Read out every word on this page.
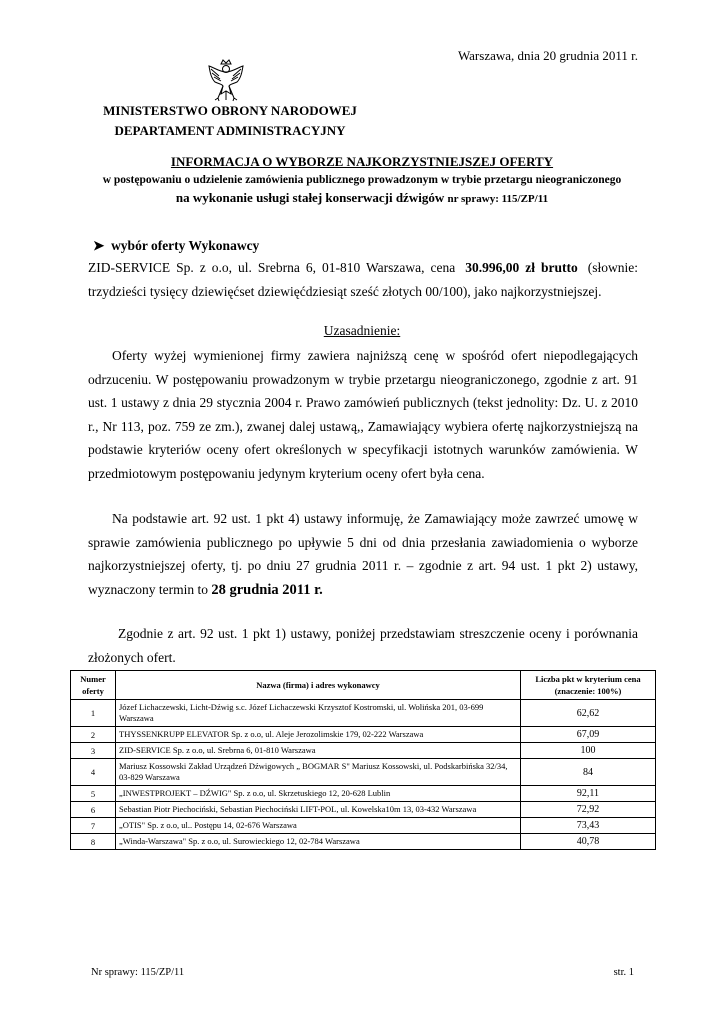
Warszawa, dnia 20 grudnia 2011 r.
MINISTERSTWO OBRONY NARODOWEJ
DEPARTAMENT ADMINISTRACYJNY
INFORMACJA O WYBORZE NAJKORZYSTNIEJSZEJ OFERTY
w postępowaniu o udzielenie zamówienia publicznego prowadzonym w trybie przetargu nieograniczonego
na wykonanie usługi stałej konserwacji dźwigów nr sprawy: 115/ZP/11
➤ wybór oferty Wykonawcy
ZID-SERVICE Sp. z o.o, ul. Srebrna 6, 01-810 Warszawa, cena 30.996,00 zł brutto (słownie: trzydzieści tysięcy dziewięćset dziewięćdziesiąt sześć złotych 00/100), jako najkorzystniejszej.
Uzasadnienie:
Oferty wyżej wymienionej firmy zawiera najniższą cenę w spośród ofert niepodlegających odrzuceniu. W postępowaniu prowadzonym w trybie przetargu nieograniczonego, zgodnie z art. 91 ust. 1 ustawy z dnia 29 stycznia 2004 r. Prawo zamówień publicznych (tekst jednolity: Dz. U. z 2010 r., Nr 113, poz. 759 ze zm.), zwanej dalej ustawą,, Zamawiający wybiera ofertę najkorzystniejszą na podstawie kryteriów oceny ofert określonych w specyfikacji istotnych warunków zamówienia. W przedmiotowym postępowaniu jedynym kryterium oceny ofert była cena.
Na podstawie art. 92 ust. 1 pkt 4) ustawy informuję, że Zamawiający może zawrzeć umowę w sprawie zamówienia publicznego po upływie 5 dni od dnia przesłania zawiadomienia o wyborze najkorzystniejszej oferty, tj. po dniu 27 grudnia 2011 r. – zgodnie z art. 94 ust. 1 pkt 2) ustawy, wyznaczony termin to 28 grudnia 2011 r.
Zgodnie z art. 92 ust. 1 pkt 1) ustawy, poniżej przedstawiam streszczenie oceny i porównania złożonych ofert.
Numer oferty	Nazwa (firma) i adres wykonawcy	Liczba pkt w kryterium cena (znaczenie: 100%)
1	Józef Lichaczewski, Licht-Dźwig s.c. Józef Lichaczewski Krzysztof Kostromski, ul. Wolińska 201, 03-699 Warszawa	62,62
2	THYSSENKRUPP ELEVATOR Sp. z o.o, ul. Aleje Jerozolimskie 179, 02-222 Warszawa	67,09
3	ZID-SERVICE Sp. z o.o, ul. Srebrna 6, 01-810 Warszawa	100
4	Mariusz Kossowski Zakład Urządzeń Dźwigowych „ BOGMAR S" Mariusz Kossowski, ul. Podskarbińska 32/34, 03-829 Warszawa	84
5	„INWESTPROJEKT – DŹWIG" Sp. z o.o, ul. Skrzetuskiego 12, 20-628 Lublin	92,11
6	Sebastian Piotr Piechociński, Sebastian Piechociński LIFT-POL, ul. Kowelska10m 13, 03-432 Warszawa	72,92
7	„OTIS" Sp. z o.o, ul.. Postępu 14, 02-676 Warszawa	73,43
8	„Winda-Warszawa" Sp. z o.o, ul. Surowieckiego 12, 02-784 Warszawa	40,78
Nr sprawy: 115/ZP/11	str. 1
